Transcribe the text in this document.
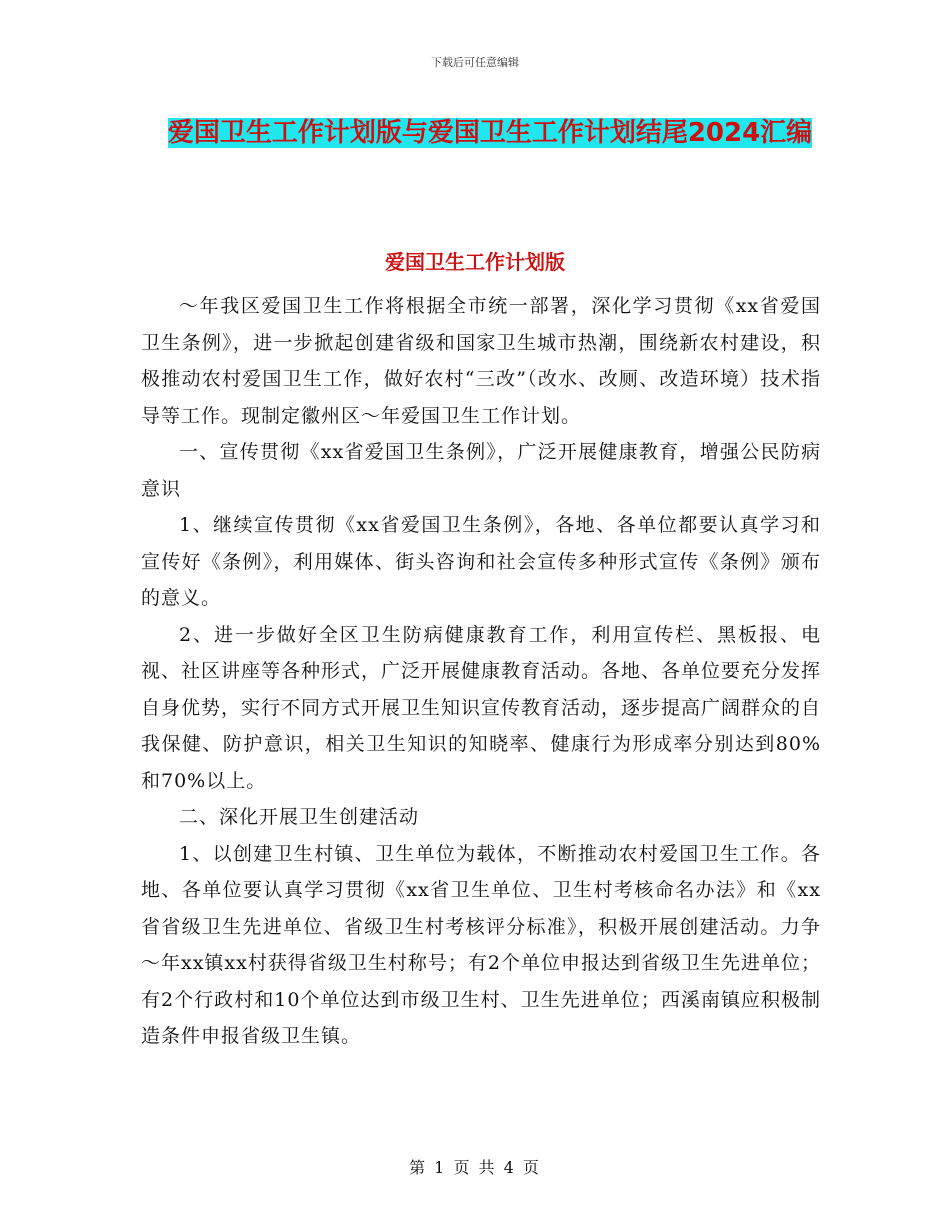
下载后可任意编辑
爱国卫生工作计划版与爱国卫生工作计划结尾2024汇编
爱国卫生工作计划版

～年我区爱国卫生工作将根据全市统一部署，深化学习贯彻《xx省爱国卫生条例》，进一步掀起创建省级和国家卫生城市热潮，围绕新农村建设，积极推动农村爱国卫生工作，做好农村“三改”（改水、改厕、改造环境）技术指导等工作。现制定徽州区～年爱国卫生工作计划。

一、宣传贯彻《xx省爱国卫生条例》，广泛开展健康教育，增强公民防病意识

1、继续宣传贯彻《xx省爱国卫生条例》，各地、各单位都要认真学习和宣传好《条例》，利用媒体、街头咨询和社会宣传多种形式宣传《条例》颁布的意义。

2、进一步做好全区卫生防病健康教育工作，利用宣传栏、黑板报、电视、社区讲座等各种形式，广泛开展健康教育活动。各地、各单位要充分发挥自身优势，实行不同方式开展卫生知识宣传教育活动，逐步提高广阔群众的自我保健、防护意识，相关卫生知识的知晓率、健康行为形成率分别达到80%和70%以上。

二、深化开展卫生创建活动

1、以创建卫生村镇、卫生单位为载体，不断推动农村爱国卫生工作。各地、各单位要认真学习贯彻《xx省卫生单位、卫生村考核命名办法》和《xx省省级卫生先进单位、省级卫生村考核评分标准》，积极开展创建活动。力争～年xx镇xx村获得省级卫生村称号；有2个单位申报达到省级卫生先进单位；有2个行政村和10个单位达到市级卫生村、卫生先进单位；西溪南镇应积极制造条件申报省级卫生镇。

第 1 页 共 4 页
